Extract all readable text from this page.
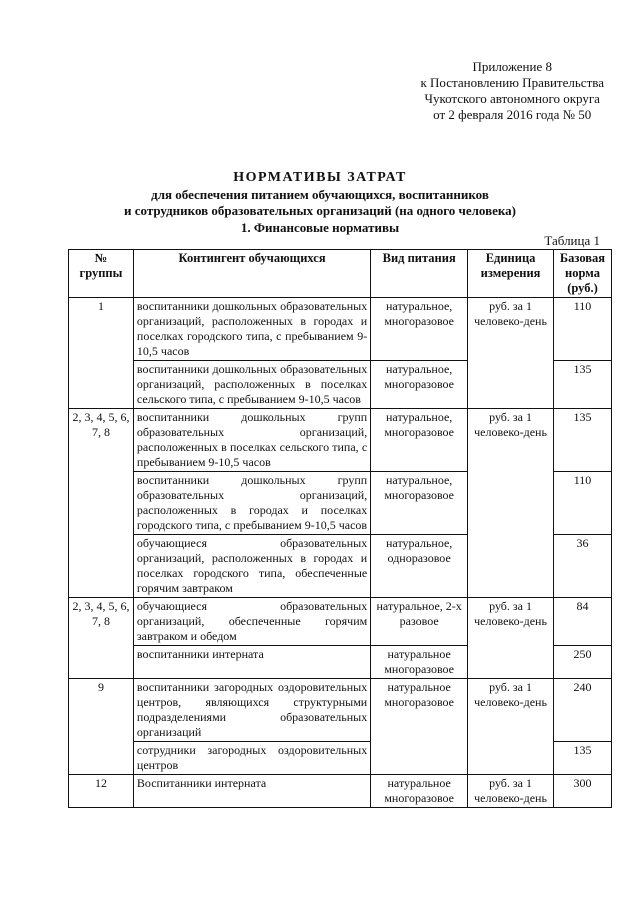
Приложение 8
к Постановлению Правительства
Чукотского автономного округа
от 2 февраля 2016 года № 50
НОРМАТИВЫ ЗАТРАТ
для обеспечения питанием обучающихся, воспитанников
и сотрудников образовательных организаций (на одного человека)
1. Финансовые нормативы
Таблица 1
№ группы	Контингент обучающихся	Вид питания	Единица измерения	Базовая норма (руб.)
1	воспитанники дошкольных образовательных организаций, расположенных в городах и поселках городского типа, с пребыванием 9-10,5 часов	натуральное, многоразовое	руб. за 1 человеко-день	110
	воспитанники дошкольных образовательных организаций, расположенных в поселках сельского типа, с пребыванием 9-10,5 часов	натуральное, многоразовое		135
2, 3, 4, 5, 6, 7, 8	воспитанники дошкольных групп образовательных организаций, расположенных в поселках сельского типа, с пребыванием 9-10,5 часов	натуральное, многоразовое	руб. за 1 человеко-день	135
	воспитанники дошкольных групп образовательных организаций, расположенных в городах и поселках городского типа, с пребыванием 9-10,5 часов	натуральное, многоразовое		110
	обучающиеся образовательных организаций, расположенных в городах и поселках городского типа, обеспеченные горячим завтраком	натуральное, одноразовое		36
2, 3, 4, 5, 6, 7, 8	обучающиеся образовательных организаций, обеспеченные горячим завтраком и обедом	натуральное, 2-х разовое	руб. за 1 человеко-день	84
	воспитанники интерната	натуральное многоразовое		250
9	воспитанники загородных оздоровительных центров, являющихся структурными подразделениями образовательных организаций	натуральное многоразовое	руб. за 1 человеко-день	240
	сотрудники загородных оздоровительных центров			135
12	Воспитанники интерната	натуральное многоразовое	руб. за 1 человеко-день	300
